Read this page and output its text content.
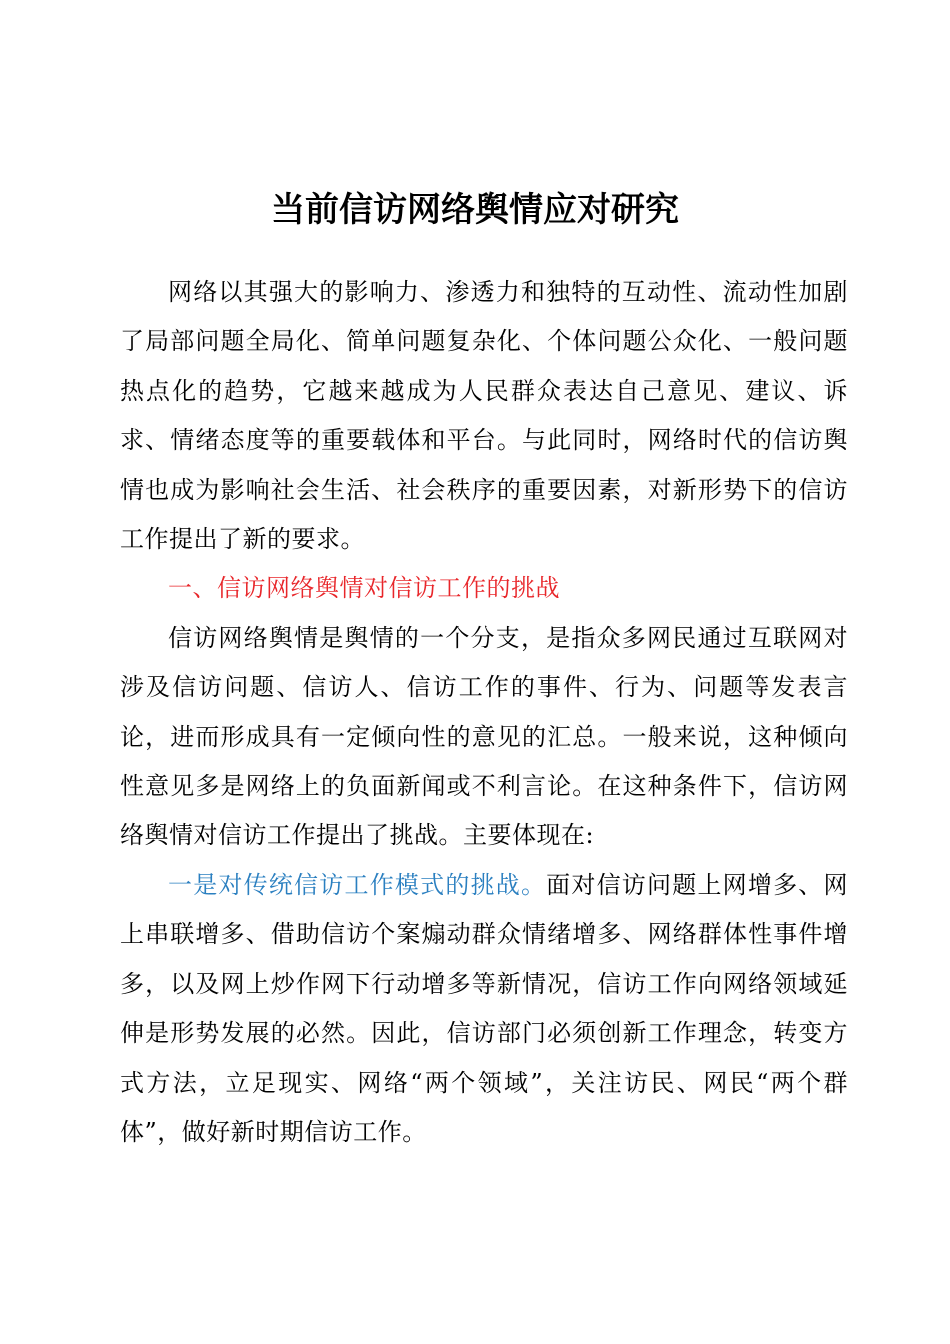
当前信访网络舆情应对研究

网络以其强大的影响力、渗透力和独特的互动性、流动性加剧了局部问题全局化、简单问题复杂化、个体问题公众化、一般问题热点化的趋势，它越来越成为人民群众表达自己意见、建议、诉求、情绪态度等的重要载体和平台。与此同时，网络时代的信访舆情也成为影响社会生活、社会秩序的重要因素，对新形势下的信访工作提出了新的要求。

一、信访网络舆情对信访工作的挑战

信访网络舆情是舆情的一个分支，是指众多网民通过互联网对涉及信访问题、信访人、信访工作的事件、行为、问题等发表言论，进而形成具有一定倾向性的意见的汇总。一般来说，这种倾向性意见多是网络上的负面新闻或不利言论。在这种条件下，信访网络舆情对信访工作提出了挑战。主要体现在:

一是对传统信访工作模式的挑战。面对信访问题上网增多、网上串联增多、借助信访个案煽动群众情绪增多、网络群体性事件增多，以及网上炒作网下行动增多等新情况，信访工作向网络领域延伸是形势发展的必然。因此，信访部门必须创新工作理念，转变方式方法，立足现实、网络“两个领域”，关注访民、网民“两个群体”，做好新时期信访工作。
